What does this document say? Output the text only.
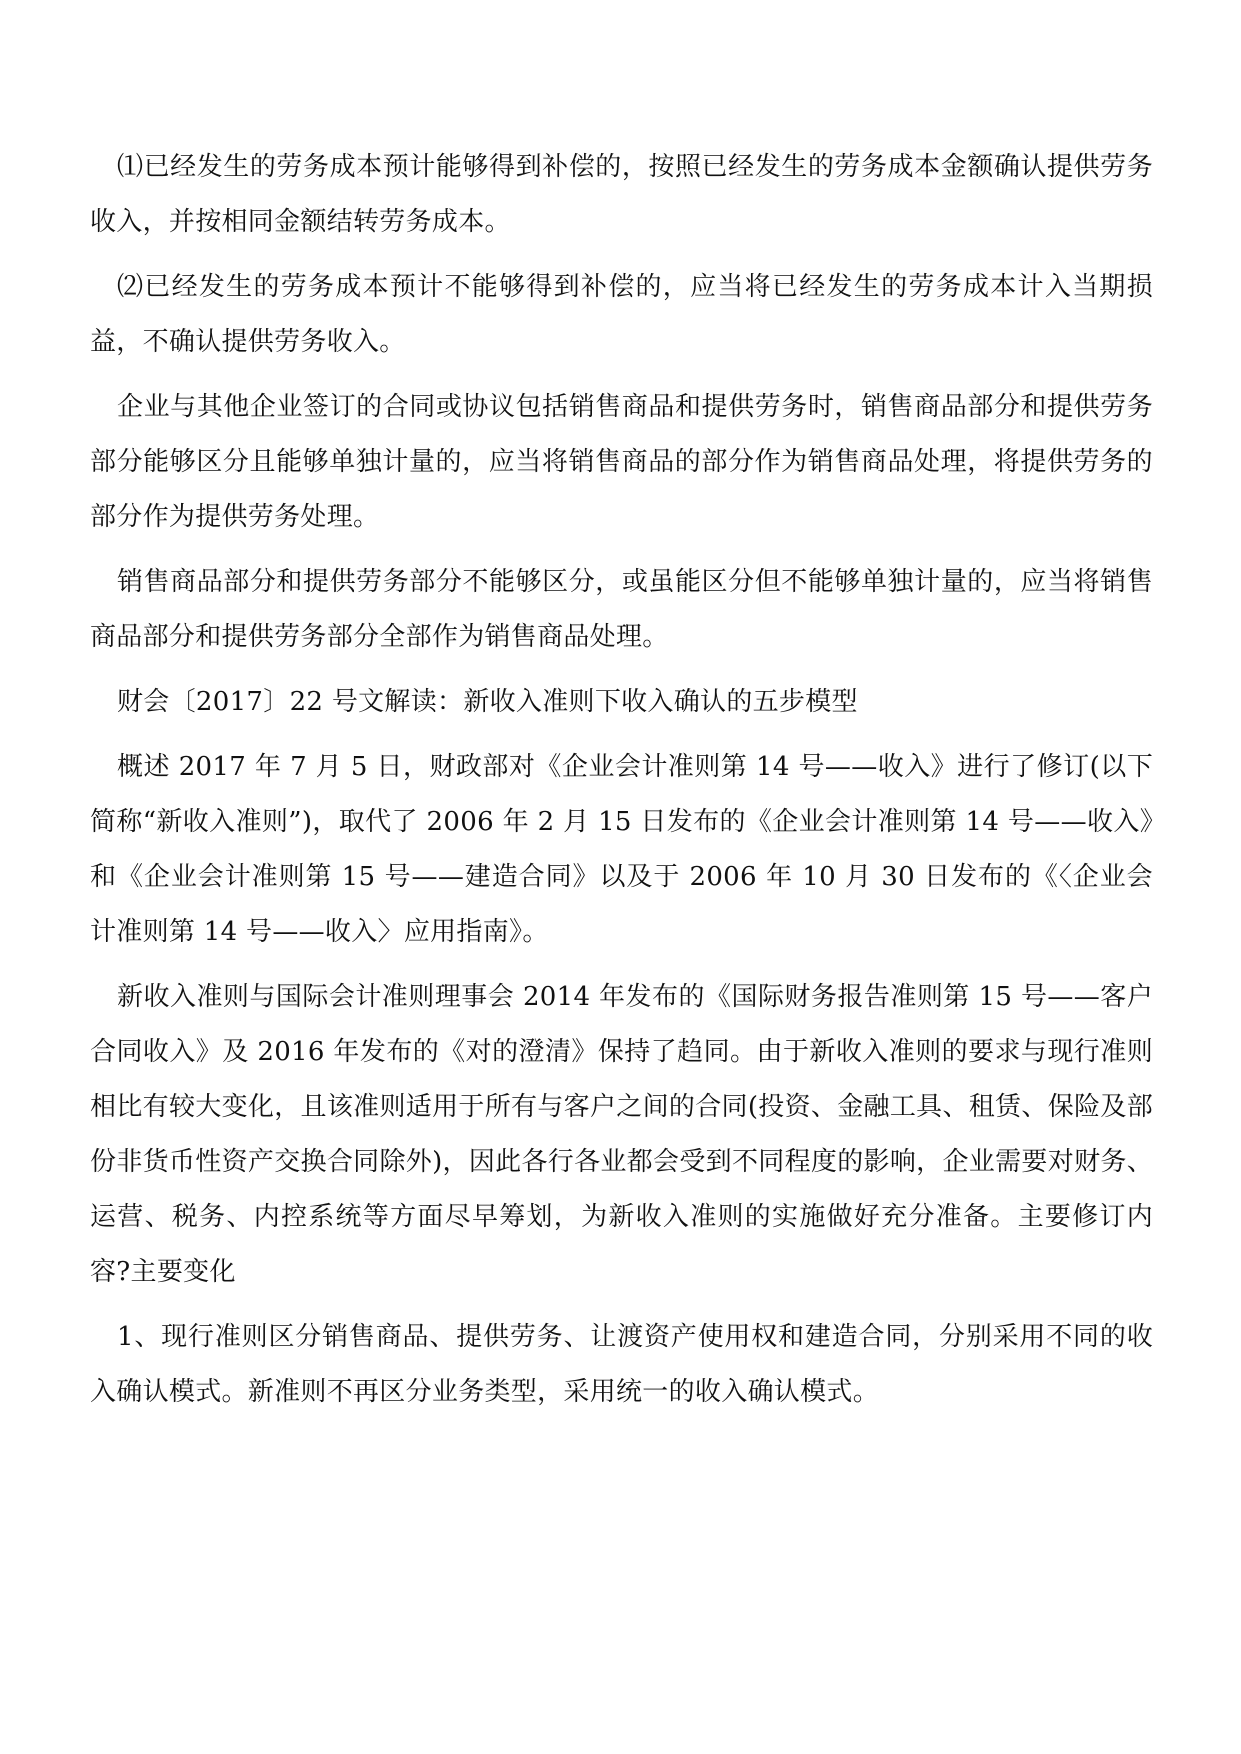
⑴已经发生的劳务成本预计能够得到补偿的，按照已经发生的劳务成本金额确认提供劳务收入，并按相同金额结转劳务成本。

⑵已经发生的劳务成本预计不能够得到补偿的，应当将已经发生的劳务成本计入当期损益，不确认提供劳务收入。

企业与其他企业签订的合同或协议包括销售商品和提供劳务时，销售商品部分和提供劳务部分能够区分且能够单独计量的，应当将销售商品的部分作为销售商品处理，将提供劳务的部分作为提供劳务处理。

销售商品部分和提供劳务部分不能够区分，或虽能区分但不能够单独计量的，应当将销售商品部分和提供劳务部分全部作为销售商品处理。

财会〔2017〕22 号文解读：新收入准则下收入确认的五步模型

概述 2017 年 7 月 5 日，财政部对《企业会计准则第 14 号——收入》进行了修订(以下简称“新收入准则”)，取代了 2006 年 2 月 15 日发布的《企业会计准则第 14 号——收入》和《企业会计准则第 15 号——建造合同》以及于 2006 年 10 月 30 日发布的《〈企业会计准则第 14 号——收入〉应用指南》。

新收入准则与国际会计准则理事会 2014 年发布的《国际财务报告准则第 15 号——客户合同收入》及 2016 年发布的《对的澄清》保持了趋同。由于新收入准则的要求与现行准则相比有较大变化，且该准则适用于所有与客户之间的合同(投资、金融工具、租赁、保险及部份非货币性资产交换合同除外)，因此各行各业都会受到不同程度的影响，企业需要对财务、运营、税务、内控系统等方面尽早筹划，为新收入准则的实施做好充分准备。主要修订内容?主要变化

1、现行准则区分销售商品、提供劳务、让渡资产使用权和建造合同，分别采用不同的收入确认模式。新准则不再区分业务类型，采用统一的收入确认模式。
